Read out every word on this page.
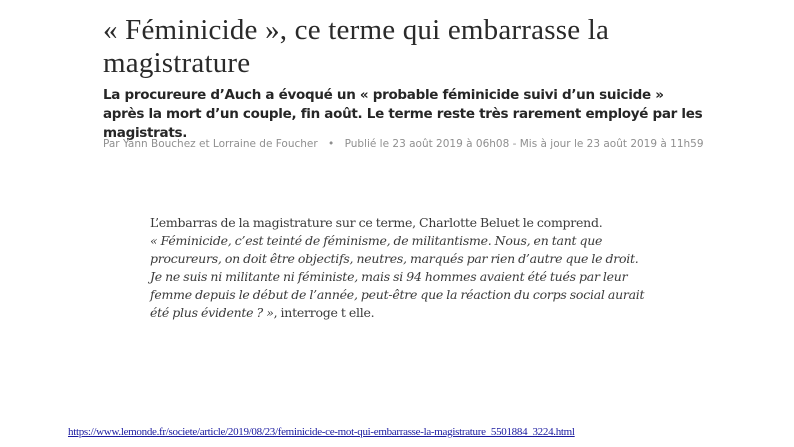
« Féminicide », ce terme qui embarrasse la magistrature

La procureure d’Auch a évoqué un « probable féminicide suivi d’un suicide » après la mort d’un couple, fin août. Le terme reste très rarement employé par les magistrats.

Par Yann Bouchez et Lorraine de Foucher • Publié le 23 août 2019 à 06h08 - Mis à jour le 23 août 2019 à 11h59

L’embarras de la magistrature sur ce terme, Charlotte Beluet le comprend.
« Féminicide, c’est teinté de féminisme, de militantisme. Nous, en tant que procureurs, on doit être objectifs, neutres, marqués par rien d’autre que le droit. Je ne suis ni militante ni féministe, mais si 94 hommes avaient été tués par leur femme depuis le début de l’année, peut-être que la réaction du corps social aurait été plus évidente ? », interroge t elle.

https://www.lemonde.fr/societe/article/2019/08/23/feminicide-ce-mot-qui-embarrasse-la-magistrature_5501884_3224.html
